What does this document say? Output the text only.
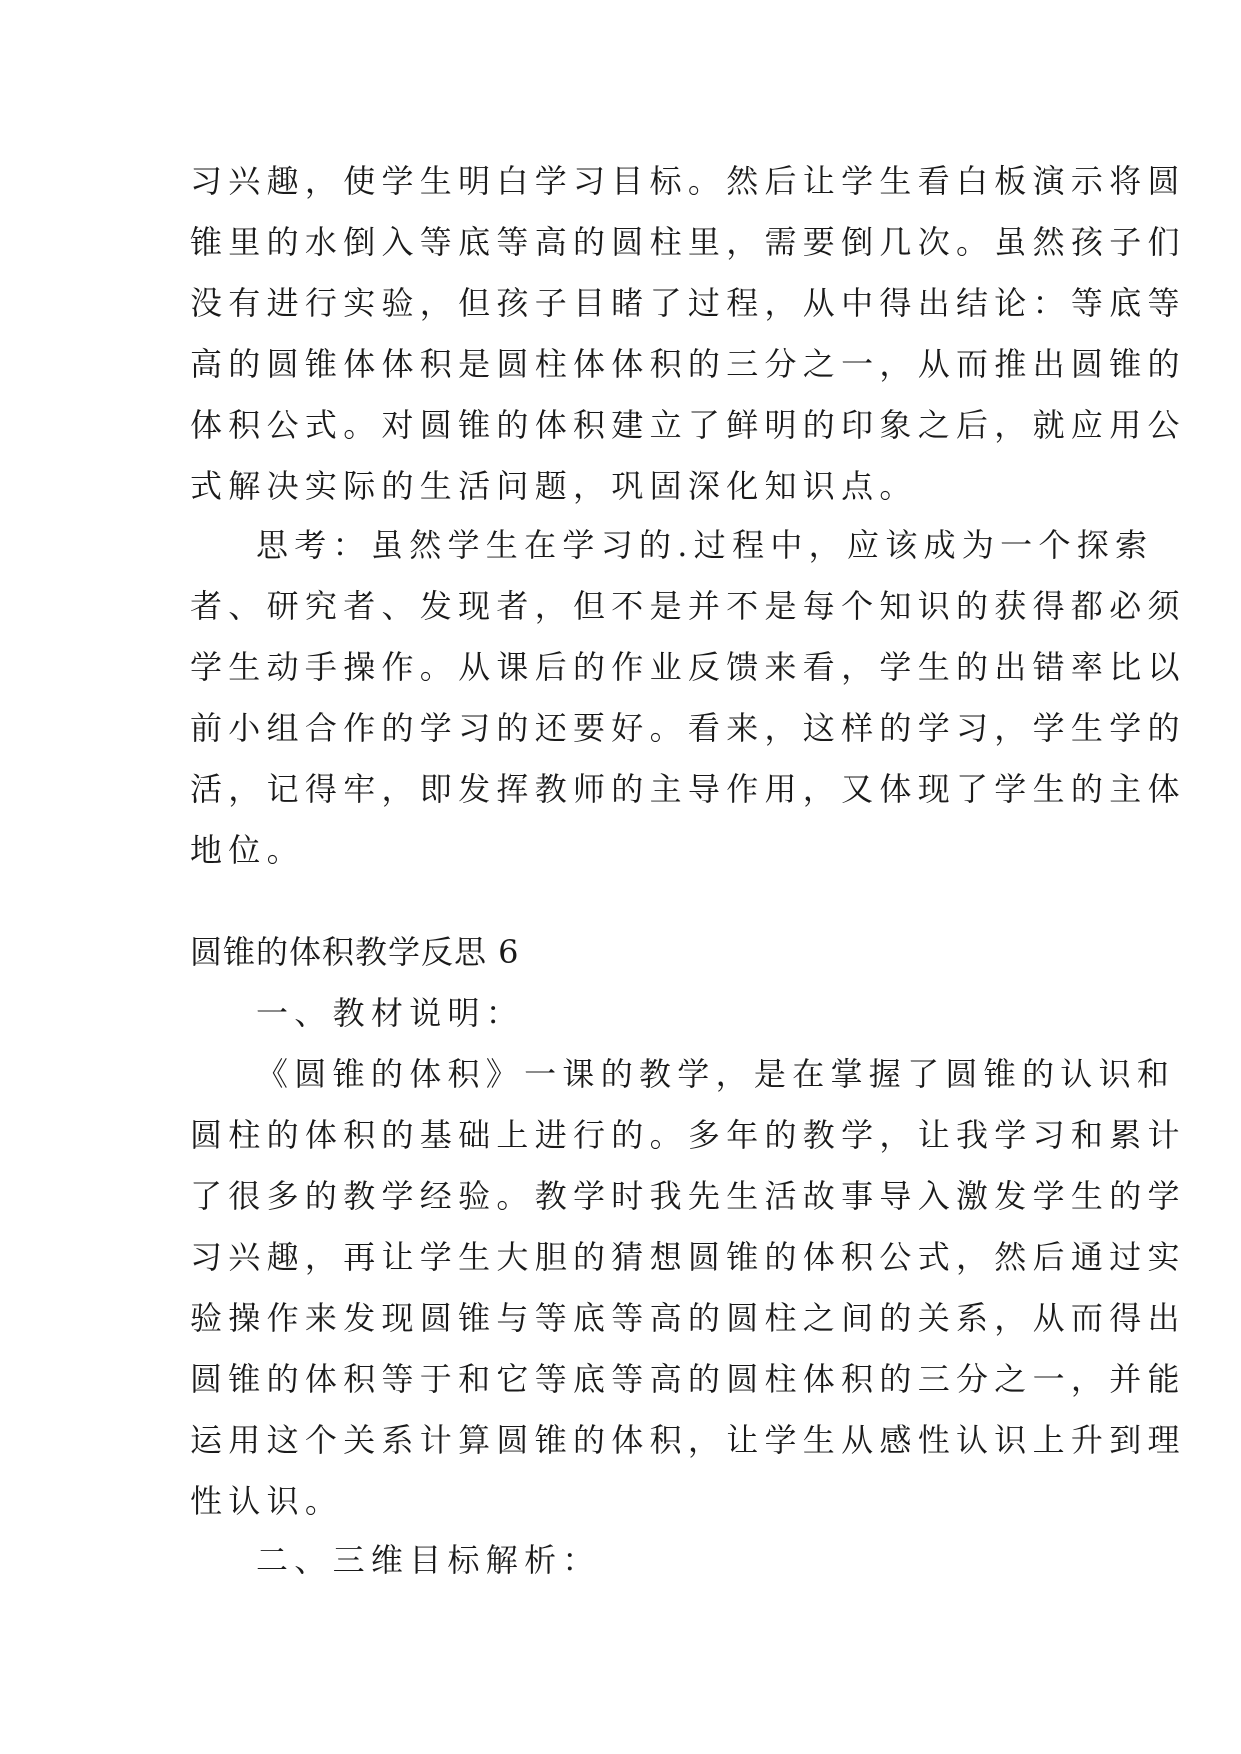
习兴趣，使学生明白学习目标。然后让学生看白板演示将圆
锥里的水倒入等底等高的圆柱里，需要倒几次。虽然孩子们
没有进行实验，但孩子目睹了过程，从中得出结论：等底等
高的圆锥体体积是圆柱体体积的三分之一，从而推出圆锥的
体积公式。对圆锥的体积建立了鲜明的印象之后，就应用公
式解决实际的生活问题，巩固深化知识点。
思考：虽然学生在学习的.过程中，应该成为一个探索
者、研究者、发现者，但不是并不是每个知识的获得都必须
学生动手操作。从课后的作业反馈来看，学生的出错率比以
前小组合作的学习的还要好。看来，这样的学习，学生学的
活，记得牢，即发挥教师的主导作用，又体现了学生的主体
地位。
圆锥的体积教学反思 6
一、教材说明：
《圆锥的体积》一课的教学，是在掌握了圆锥的认识和
圆柱的体积的基础上进行的。多年的教学，让我学习和累计
了很多的教学经验。教学时我先生活故事导入激发学生的学
习兴趣，再让学生大胆的猜想圆锥的体积公式，然后通过实
验操作来发现圆锥与等底等高的圆柱之间的关系，从而得出
圆锥的体积等于和它等底等高的圆柱体积的三分之一，并能
运用这个关系计算圆锥的体积，让学生从感性认识上升到理
性认识。
二、三维目标解析：
